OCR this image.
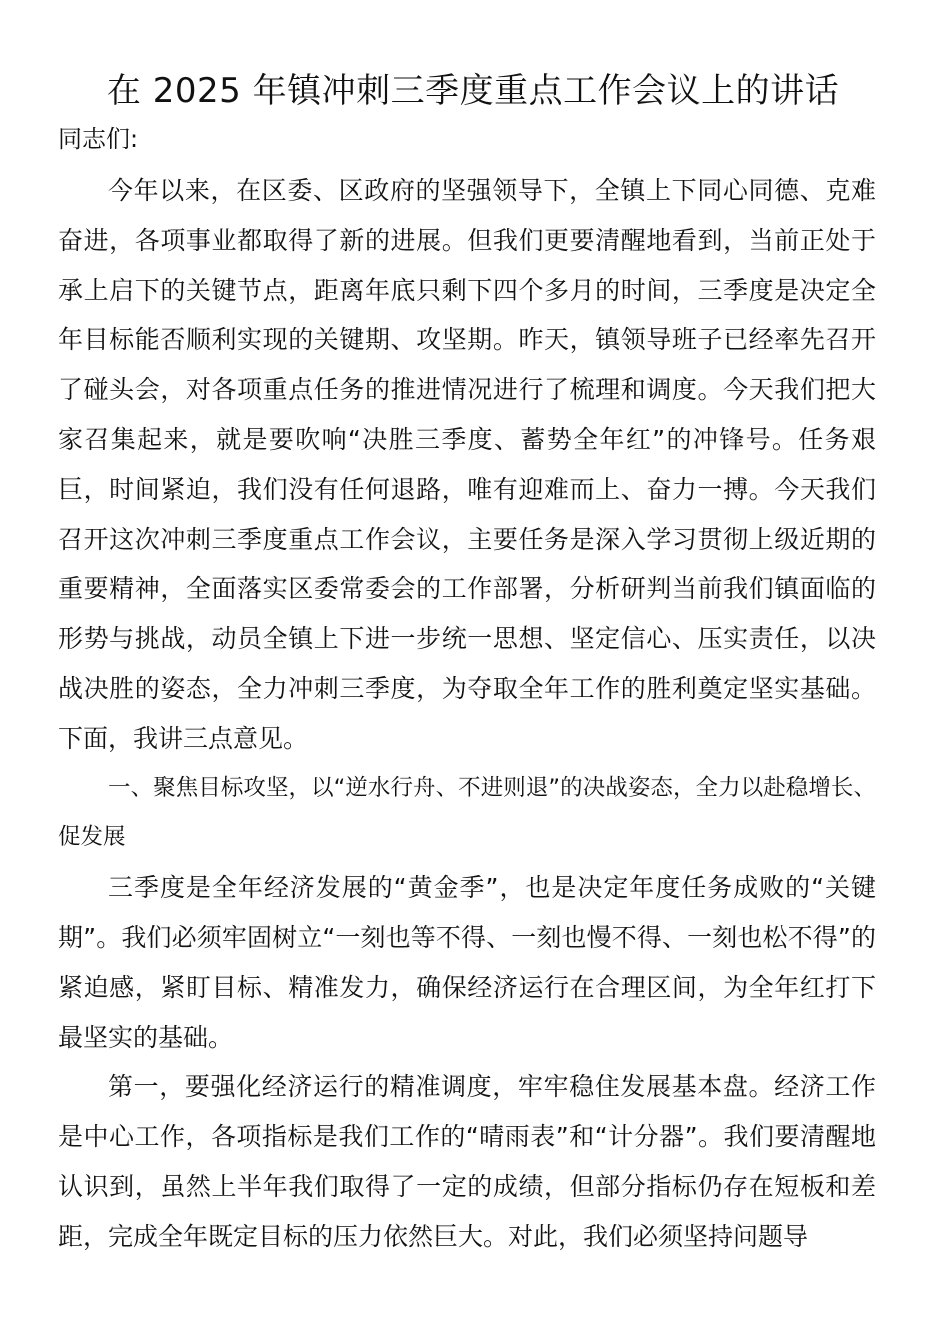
在 2025 年镇冲刺三季度重点工作会议上的讲话

同志们:

今年以来，在区委、区政府的坚强领导下，全镇上下同心同德、克难奋进，各项事业都取得了新的进展。但我们更要清醒地看到，当前正处于承上启下的关键节点，距离年底只剩下四个多月的时间，三季度是决定全年目标能否顺利实现的关键期、攻坚期。昨天，镇领导班子已经率先召开了碰头会，对各项重点任务的推进情况进行了梳理和调度。今天我们把大家召集起来，就是要吹响“决胜三季度、蓄势全年红”的冲锋号。任务艰巨，时间紧迫，我们没有任何退路，唯有迎难而上、奋力一搏。今天我们召开这次冲刺三季度重点工作会议，主要任务是深入学习贯彻上级近期的重要精神，全面落实区委常委会的工作部署，分析研判当前我们镇面临的形势与挑战，动员全镇上下进一步统一思想、坚定信心、压实责任，以决战决胜的姿态，全力冲刺三季度，为夺取全年工作的胜利奠定坚实基础。下面，我讲三点意见。

一、聚焦目标攻坚，以“逆水行舟、不进则退”的决战姿态，全力以赴稳增长、促发展

三季度是全年经济发展的“黄金季”，也是决定年度任务成败的“关键期”。我们必须牢固树立“一刻也等不得、一刻也慢不得、一刻也松不得”的紧迫感，紧盯目标、精准发力，确保经济运行在合理区间，为全年红打下最坚实的基础。

第一，要强化经济运行的精准调度，牢牢稳住发展基本盘。经济工作是中心工作，各项指标是我们工作的“晴雨表”和“计分器”。我们要清醒地认识到，虽然上半年我们取得了一定的成绩，但部分指标仍存在短板和差距，完成全年既定目标的压力依然巨大。对此，我们必须坚持问题导
